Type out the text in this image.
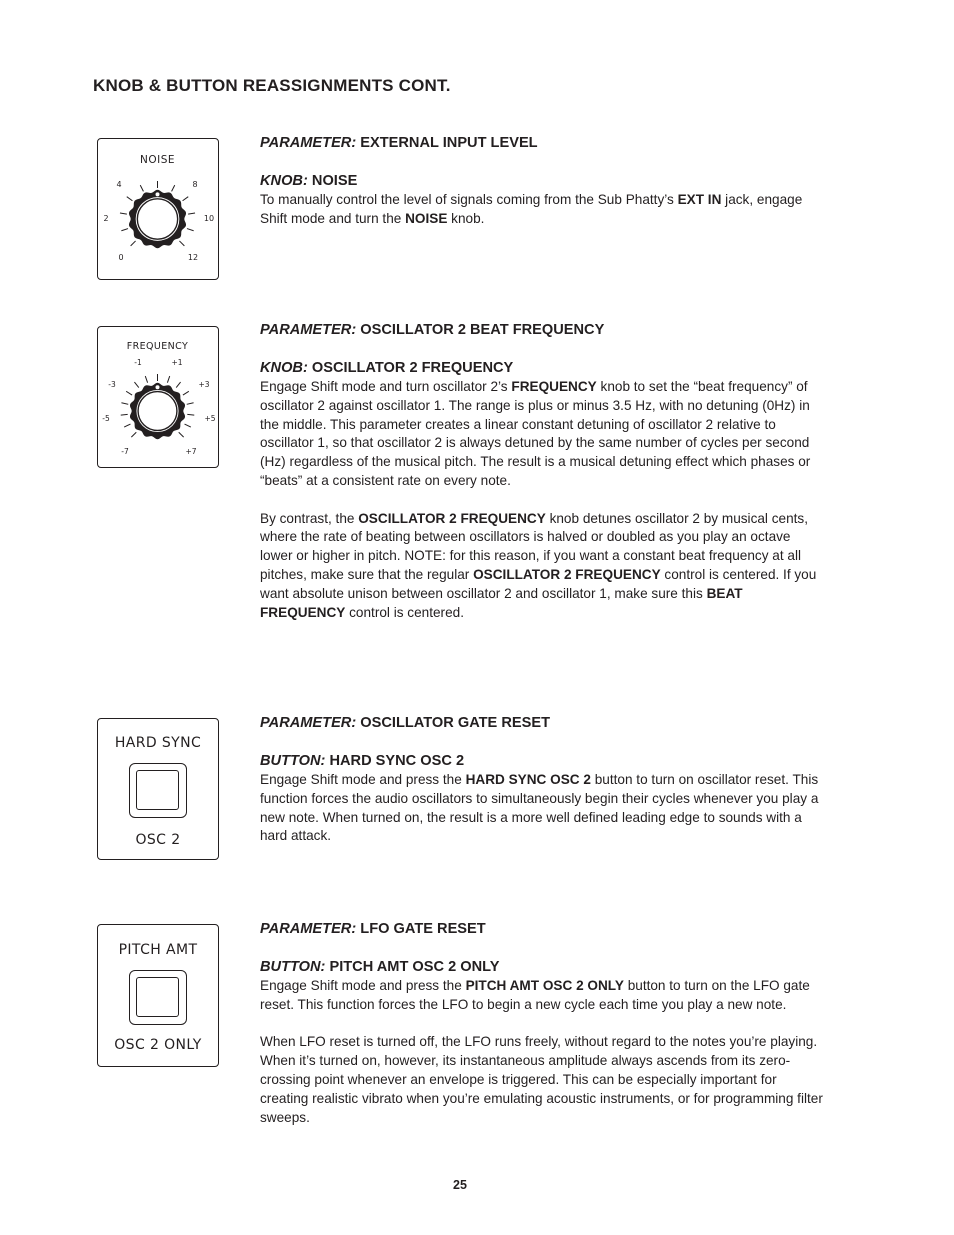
KNOB & BUTTON REASSIGNMENTS CONT.
NOISE
4	8
2	10
0	12

PARAMETER: EXTERNAL INPUT LEVEL

KNOB: NOISE

To manually control the level of signals coming from the Sub Phatty’s EXT IN jack, engage Shift mode and turn the NOISE knob.

FREQUENCY
-1	+1
-3	+3
-5	+5
-7	+7

PARAMETER: OSCILLATOR 2 BEAT FREQUENCY

KNOB: OSCILLATOR 2 FREQUENCY

Engage Shift mode and turn oscillator 2’s FREQUENCY knob to set the “beat frequency” of oscillator 2 against oscillator 1. The range is plus or minus 3.5 Hz, with no detuning (0Hz) in the middle. This parameter creates a linear constant detuning of oscillator 2 relative to oscillator 1, so that oscillator 2 is always detuned by the same number of cycles per second (Hz) regardless of the musical pitch. The result is a musical detuning effect which phases or “beats” at a consistent rate on every note.

By contrast, the OSCILLATOR 2 FREQUENCY knob detunes oscillator 2 by musical cents, where the rate of beating between oscillators is halved or doubled as you play an octave lower or higher in pitch. NOTE: for this reason, if you want a constant beat frequency at all pitches, make sure that the regular OSCILLATOR 2 FREQUENCY control is centered. If you want absolute unison between oscillator 2 and oscillator 1, make sure this BEAT FREQUENCY control is centered.

HARD SYNC
OSC 2

PARAMETER: OSCILLATOR GATE RESET

BUTTON: HARD SYNC OSC 2

Engage Shift mode and press the HARD SYNC OSC 2 button to turn on oscillator reset. This function forces the audio oscillators to simultaneously begin their cycles whenever you play a new note. When turned on, the result is a more well defined leading edge to sounds with a hard attack.

PITCH AMT
OSC 2 ONLY

PARAMETER: LFO GATE RESET

BUTTON: PITCH AMT OSC 2 ONLY

Engage Shift mode and press the PITCH AMT OSC 2 ONLY button to turn on the LFO gate reset. This function forces the LFO to begin a new cycle each time you play a new note.

When LFO reset is turned off, the LFO runs freely, without regard to the notes you’re playing. When it’s turned on, however, its instantaneous amplitude always ascends from its zero-crossing point whenever an envelope is triggered. This can be especially important for creating realistic vibrato when you’re emulating acoustic instruments, or for programming filter sweeps.

25
